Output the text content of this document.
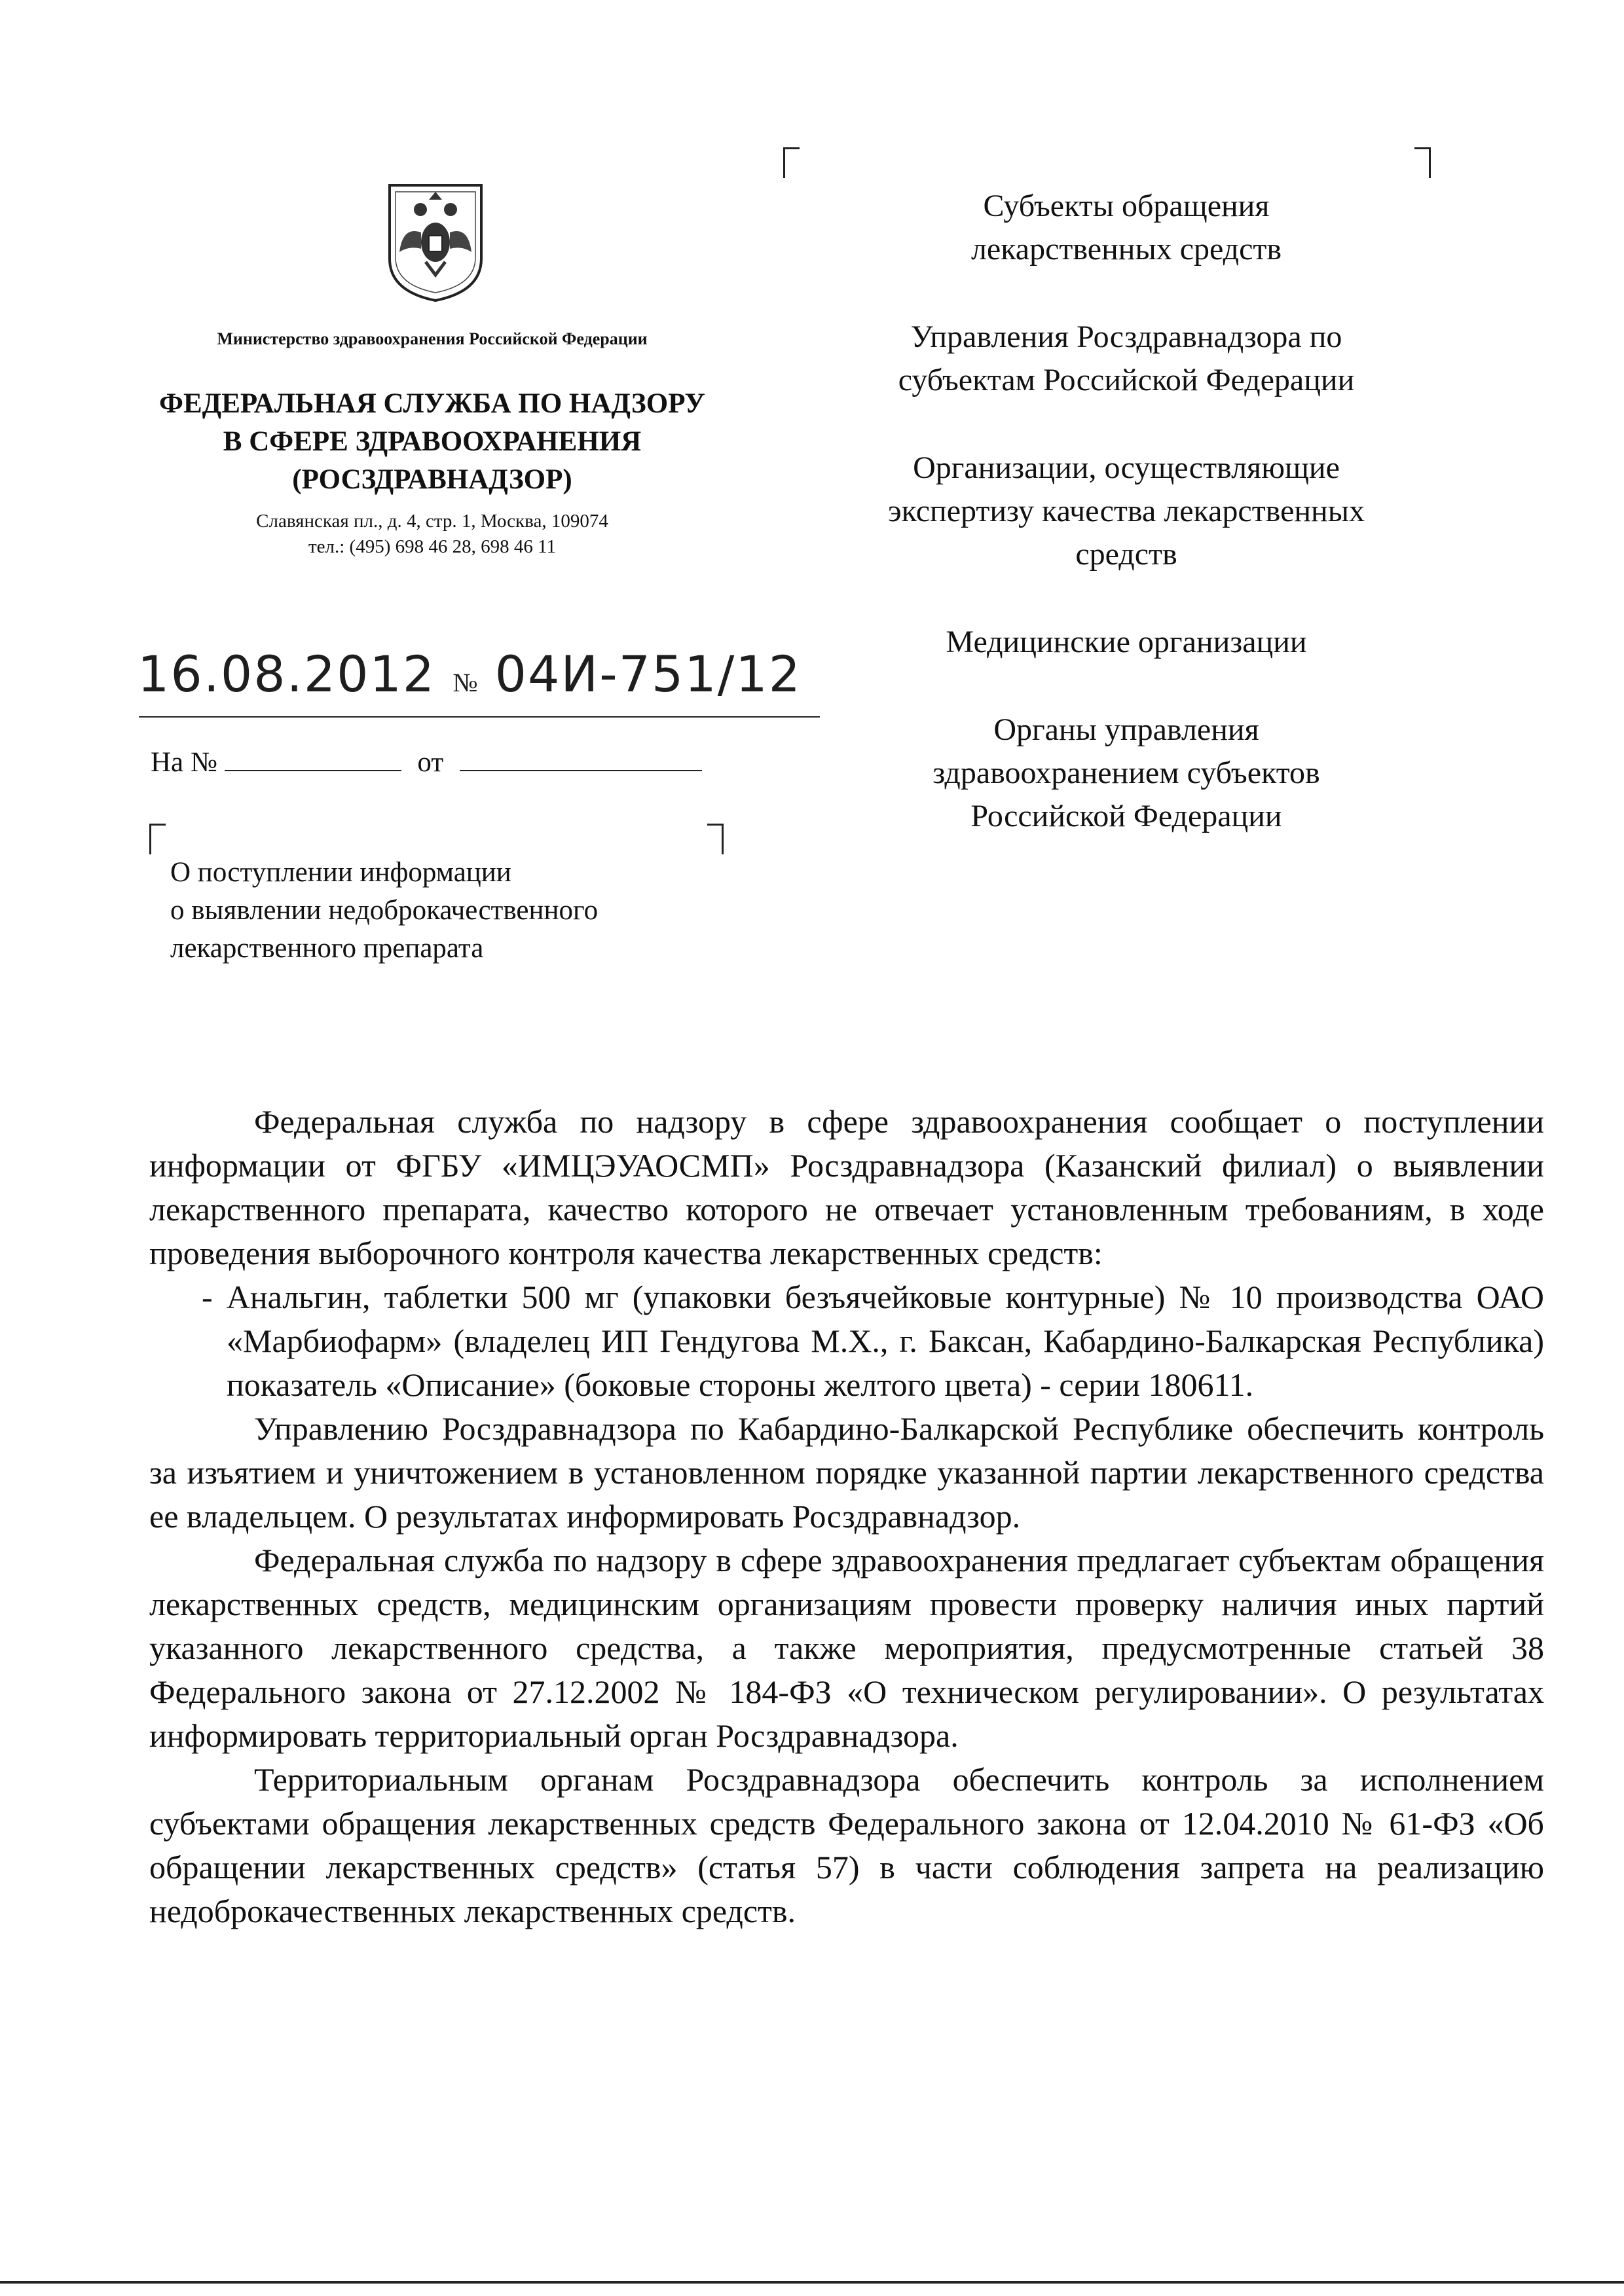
Министерство здравоохранения Российской Федерации
ФЕДЕРАЛЬНАЯ СЛУЖБА ПО НАДЗОРУ
В СФЕРЕ ЗДРАВООХРАНЕНИЯ
(РОСЗДРАВНАДЗОР)
Славянская пл., д. 4, стр. 1, Москва, 109074
тел.: (495) 698 46 28, 698 46 11
16.08.2012 № 04И-751/12
На №	от
О поступлении информации
о выявлении недоброкачественного
лекарственного препарата
Субъекты обращения
лекарственных средств
Управления Росздравнадзора по
субъектам Российской Федерации
Организации, осуществляющие
экспертизу качества лекарственных
средств
Медицинские организации
Органы управления
здравоохранением субъектов
Российской Федерации

Федеральная служба по надзору в сфере здравоохранения сообщает о поступлении информации от ФГБУ «ИМЦЭУАОСМП» Росздравнадзора (Казанский филиал) о выявлении лекарственного препарата, качество которого не отвечает установленным требованиям, в ходе проведения выборочного контроля качества лекарственных средств:

- Анальгин, таблетки 500 мг (упаковки безъячейковые контурные) № 10 производства ОАО «Марбиофарм» (владелец ИП Гендугова М.Х., г. Баксан, Кабардино-Балкарская Республика) показатель «Описание» (боковые стороны желтого цвета) - серии 180611.

Управлению Росздравнадзора по Кабардино-Балкарской Республике обеспечить контроль за изъятием и уничтожением в установленном порядке указанной партии лекарственного средства ее владельцем. О результатах информировать Росздравнадзор.

Федеральная служба по надзору в сфере здравоохранения предлагает субъектам обращения лекарственных средств, медицинским организациям провести проверку наличия иных партий указанного лекарственного средства, а также мероприятия, предусмотренные статьей 38 Федерального закона от 27.12.2002 № 184-ФЗ «О техническом регулировании». О результатах информировать территориальный орган Росздравнадзора.

Территориальным органам Росздравнадзора обеспечить контроль за исполнением субъектами обращения лекарственных средств Федерального закона от 12.04.2010 № 61-ФЗ «Об обращении лекарственных средств» (статья 57) в части соблюдения запрета на реализацию недоброкачественных лекарственных средств.
